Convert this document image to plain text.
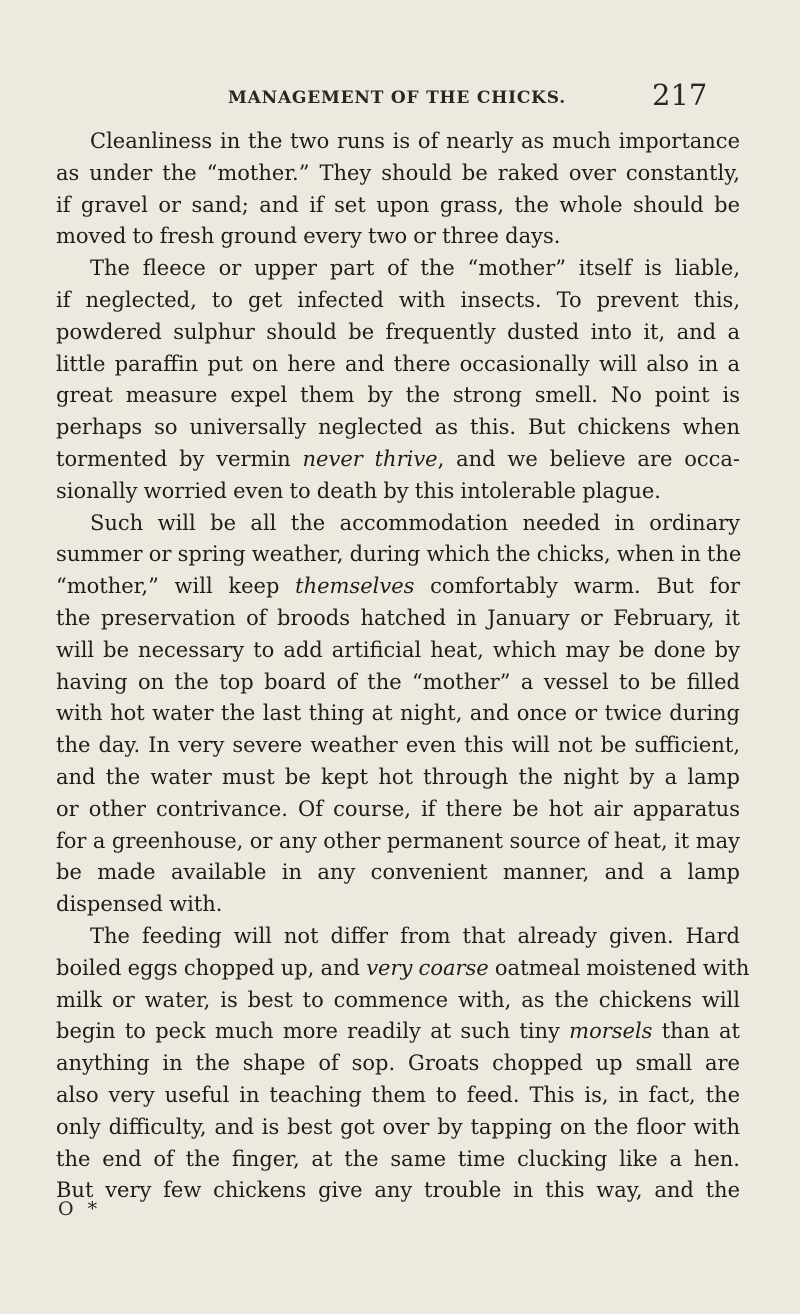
MANAGEMENT OF THE CHICKS.	217
Cleanliness in the two runs is of nearly as much importance
as under the “mother.” They should be raked over constantly,
if gravel or sand; and if set upon grass, the whole should be
moved to fresh ground every two or three days.
The fleece or upper part of the “mother” itself is liable,
if neglected, to get infected with insects. To prevent this,
powdered sulphur should be frequently dusted into it, and a
little paraffin put on here and there occasionally will also in a
great measure expel them by the strong smell. No point is
perhaps so universally neglected as this. But chickens when
tormented by vermin never thrive, and we believe are occa-
sionally worried even to death by this intolerable plague.
Such will be all the accommodation needed in ordinary
summer or spring weather, during which the chicks, when in the
“mother,” will keep themselves comfortably warm. But for
the preservation of broods hatched in January or February, it
will be necessary to add artificial heat, which may be done by
having on the top board of the “mother” a vessel to be filled
with hot water the last thing at night, and once or twice during
the day. In very severe weather even this will not be sufficient,
and the water must be kept hot through the night by a lamp
or other contrivance. Of course, if there be hot air apparatus
for a greenhouse, or any other permanent source of heat, it may
be made available in any convenient manner, and a lamp
dispensed with.
The feeding will not differ from that already given. Hard
boiled eggs chopped up, and very coarse oatmeal moistened with
milk or water, is best to commence with, as the chickens will
begin to peck much more readily at such tiny morsels than at
anything in the shape of sop. Groats chopped up small are
also very useful in teaching them to feed. This is, in fact, the
only difficulty, and is best got over by tapping on the floor with
the end of the finger, at the same time clucking like a hen.
But very few chickens give any trouble in this way, and the
O *
